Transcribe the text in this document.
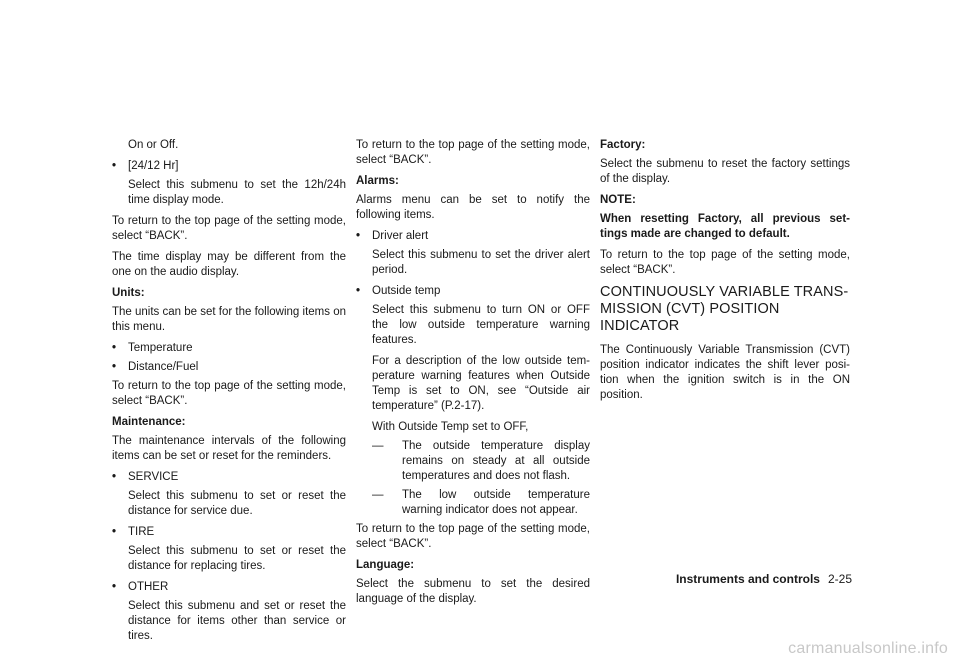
On or Off.

• [24/12 Hr]

Select this submenu to set the 12h/24h time display mode.

To return to the top page of the setting mode, select “BACK”.

The time display may be different from the one on the audio display.

Units:

The units can be set for the following items on this menu.

• Temperature
• Distance/Fuel

To return to the top page of the setting mode, select “BACK”.

Maintenance:

The maintenance intervals of the following items can be set or reset for the reminders.

• SERVICE

Select this submenu to set or reset the distance for service due.

• TIRE

Select this submenu to set or reset the distance for replacing tires.

• OTHER

Select this submenu and set or reset the distance for items other than service or tires.

To return to the top page of the setting mode, select “BACK”.

Alarms:

Alarms menu can be set to notify the following items.

• Driver alert

Select this submenu to set the driver alert period.

• Outside temp

Select this submenu to turn ON or OFF the low outside temperature warning features.

For a description of the low outside tem- perature warning features when Outside Temp is set to ON, see “Outside air temperature” (P.2-17).

With Outside Temp set to OFF,

— The outside temperature display remains on steady at all outside temperatures and does not flash.
— The low outside temperature warning indicator does not appear.

To return to the top page of the setting mode, select “BACK”.

Language:

Select the submenu to set the desired language of the display.

Factory:

Select the submenu to reset the factory settings of the display.

NOTE:

When resetting Factory, all previous set- tings made are changed to default.

To return to the top page of the setting mode, select “BACK”.

CONTINUOUSLY VARIABLE TRANS- MISSION (CVT) POSITION INDICATOR

The Continuously Variable Transmission (CVT) position indicator indicates the shift lever posi- tion when the ignition switch is in the ON position.

Instruments and controls 2-25
carmanualsonline.info
